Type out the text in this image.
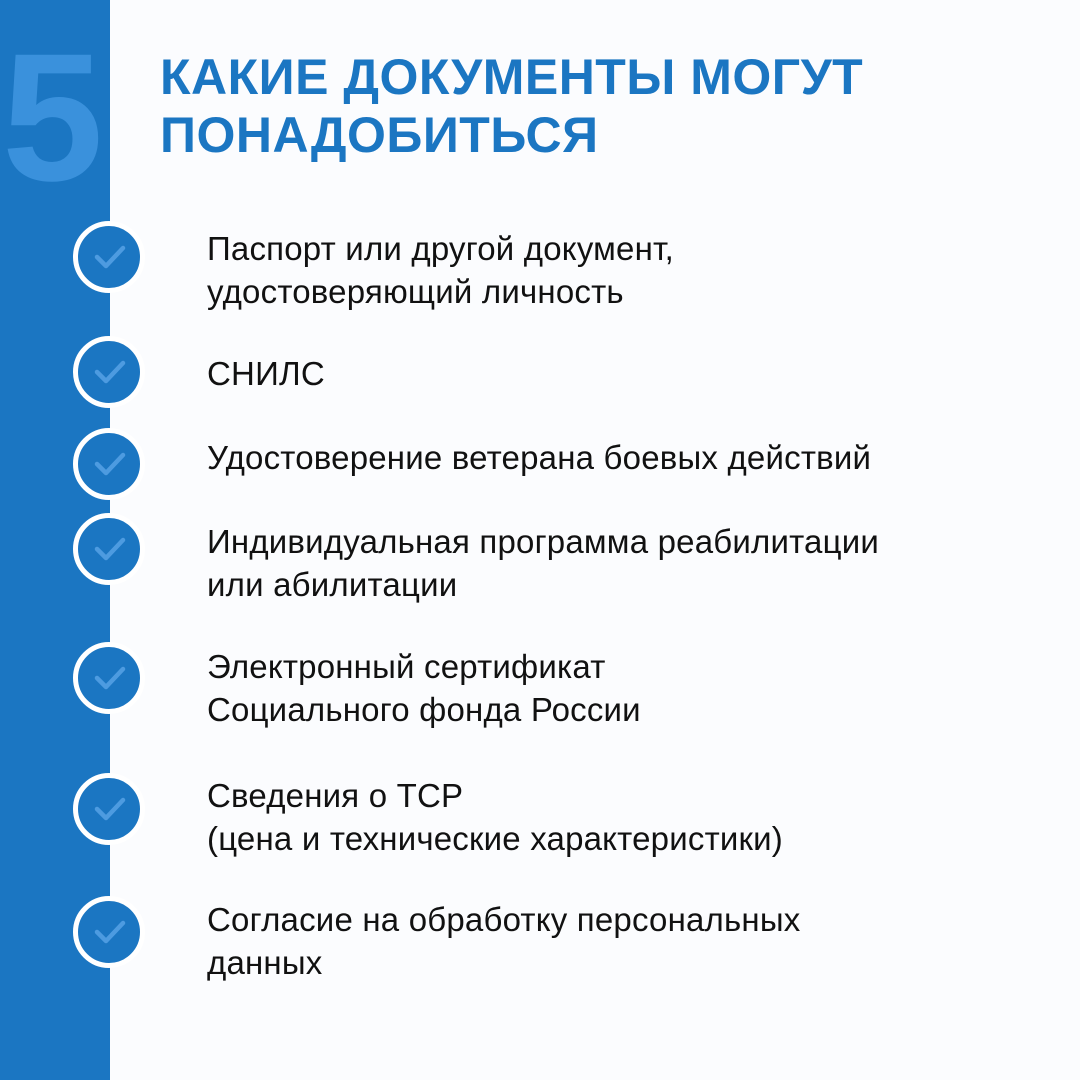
5 КАКИЕ ДОКУМЕНТЫ МОГУТ
ПОНАДОБИТЬСЯ
Паспорт или другой документ,
удостоверяющий личность
СНИЛС
Удостоверение ветерана боевых действий
Индивидуальная программа реабилитации
или абилитации
Электронный сертификат
Социального фонда России
Сведения о ТСР
(цена и технические характеристики)
Согласие на обработку персональных
данных
